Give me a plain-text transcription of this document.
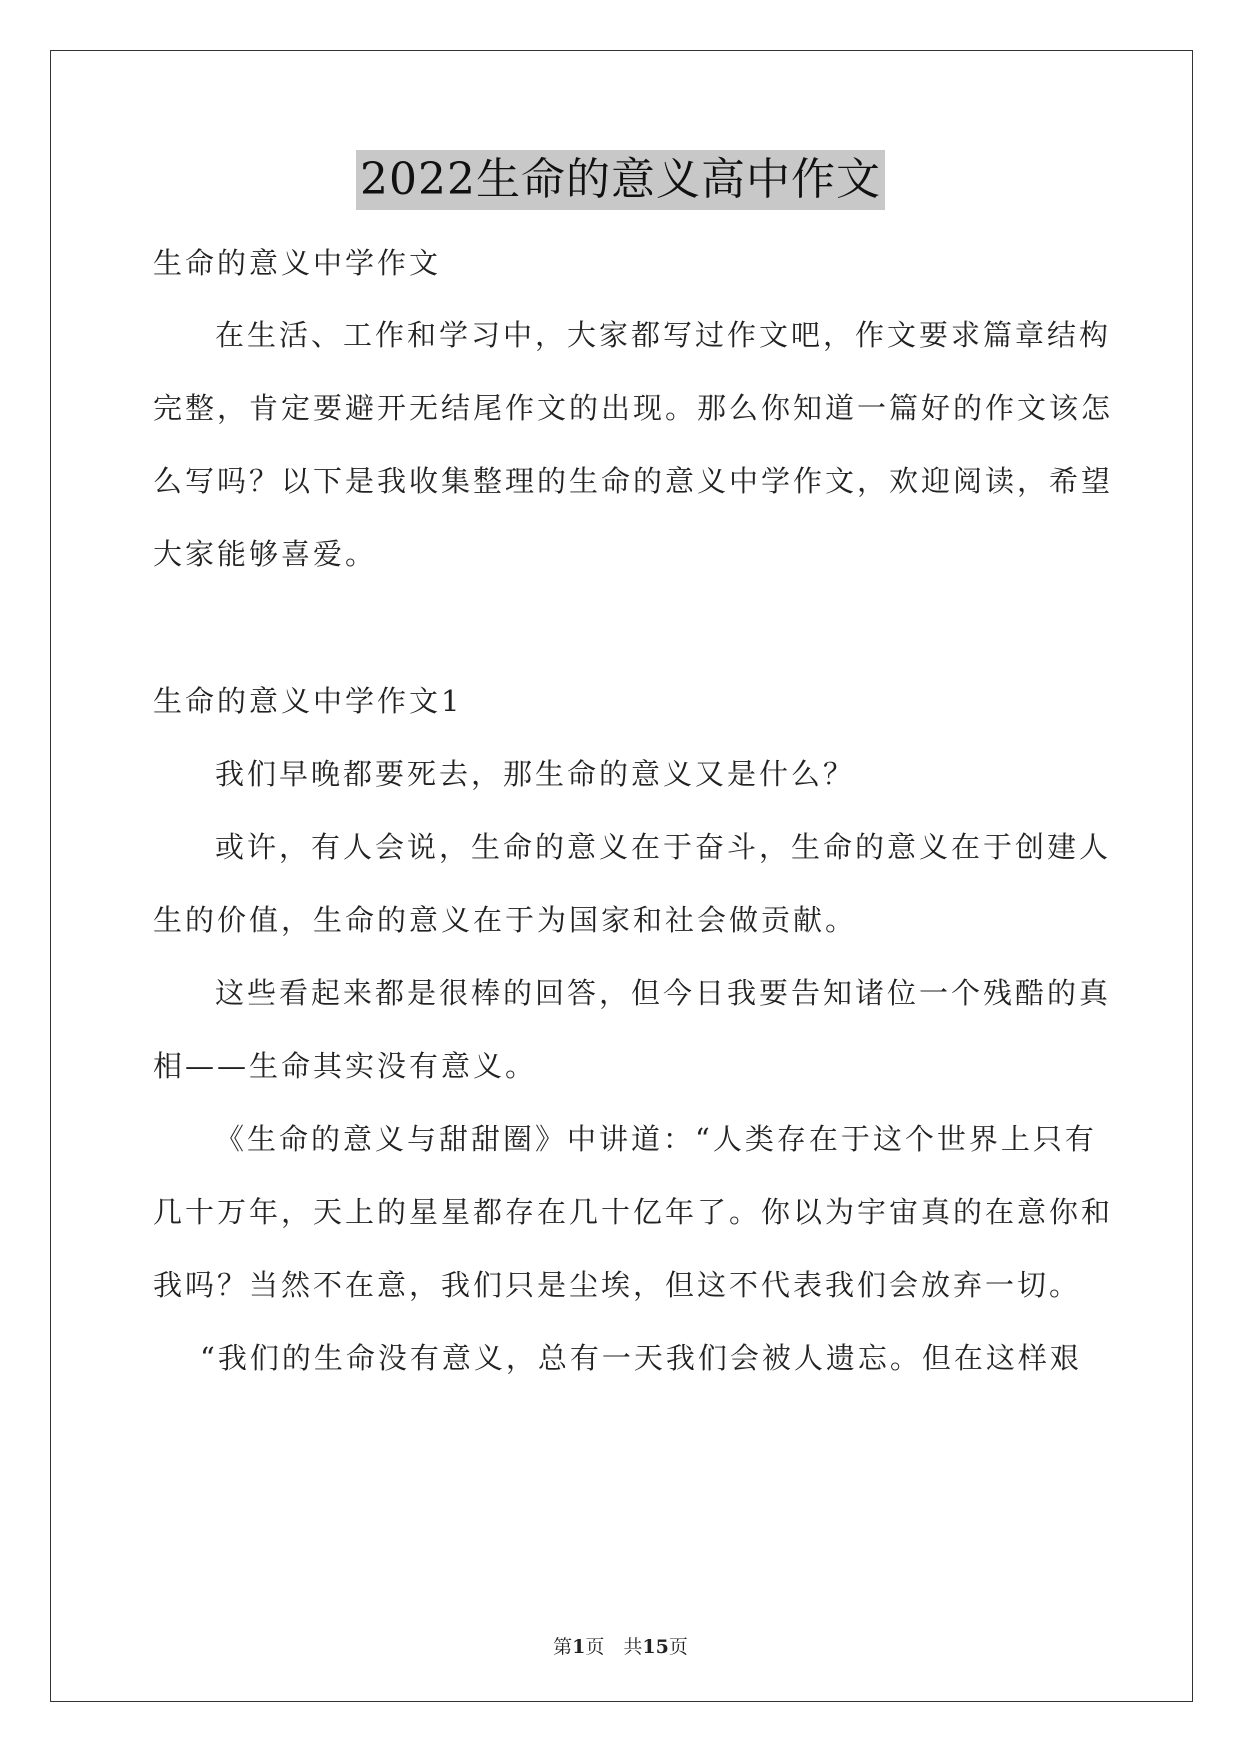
2022生命的意义高中作文
生命的意义中学作文
在生活、工作和学习中，大家都写过作文吧，作文要求篇章结构
完整，肯定要避开无结尾作文的出现。那么你知道一篇好的作文该怎
么写吗？以下是我收集整理的生命的意义中学作文，欢迎阅读，希望
大家能够喜爱。
生命的意义中学作文1
我们早晚都要死去，那生命的意义又是什么？
或许，有人会说，生命的意义在于奋斗，生命的意义在于创建人
生的价值，生命的意义在于为国家和社会做贡献。
这些看起来都是很棒的回答，但今日我要告知诸位一个残酷的真
相——生命其实没有意义。
《生命的意义与甜甜圈》中讲道：“人类存在于这个世界上只有
几十万年，天上的星星都存在几十亿年了。你以为宇宙真的在意你和
我吗？当然不在意，我们只是尘埃，但这不代表我们会放弃一切。
“我们的生命没有意义，总有一天我们会被人遗忘。但在这样艰
第1页　共15页
